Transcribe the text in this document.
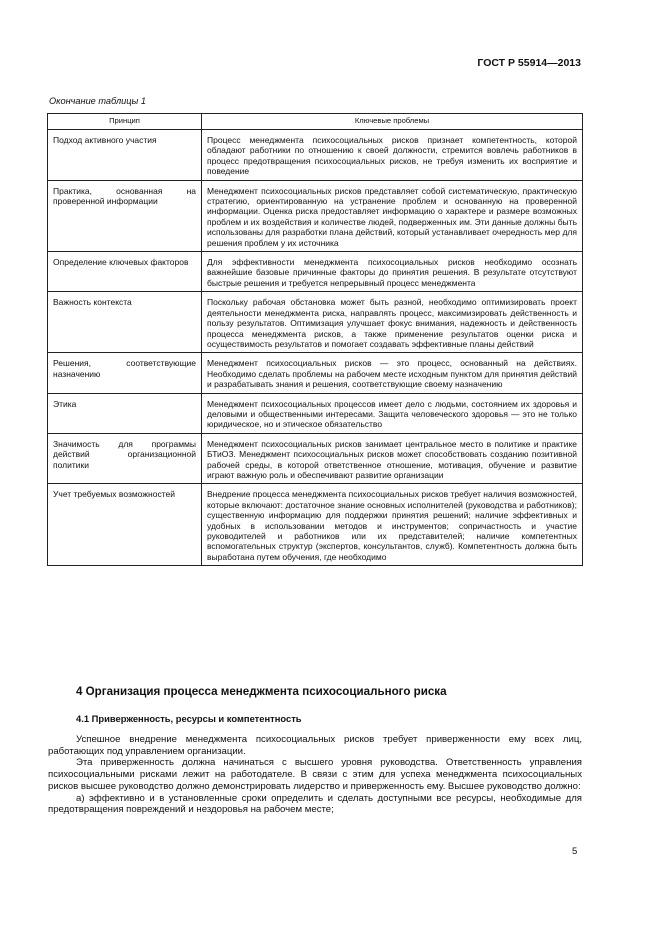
ГОСТ Р 55914—2013
Окончание таблицы 1
Принцип	Ключевые проблемы
Подход активного участия	Процесс менеджмента психосоциальных рисков признает компетентность, которой обладают работники по отношению к своей должности, стремится вовлечь работников в процесс предотвращения психосоциальных рисков, не требуя изменить их восприятие и поведение
Практика, основанная на проверенной информации	Менеджмент психосоциальных рисков представляет собой систематическую, практическую стратегию, ориентированную на устранение проблем и основанную на проверенной информации. Оценка риска предоставляет информацию о характере и размере возможных проблем и их воздействия и количестве людей, подверженных им. Эти данные должны быть использованы для разработки плана действий, который устанавливает очередность мер для решения проблем у их источника
Определение ключевых факторов	Для эффективности менеджмента психосоциальных рисков необходимо осознать важнейшие базовые причинные факторы до принятия решения. В результате отсутствуют быстрые решения и требуется непрерывный процесс менеджмента
Важность контекста	Поскольку рабочая обстановка может быть разной, необходимо оптимизировать проект деятельности менеджмента риска, направлять процесс, максимизировать действенность и пользу результатов. Оптимизация улучшает фокус внимания, надежность и действенность процесса менеджмента рисков, а также применение результатов оценки риска и осуществимость результатов и помогает создавать эффективные планы действий
Решения, соответствующие назначению	Менеджмент психосоциальных рисков — это процесс, основанный на действиях. Необходимо сделать проблемы на рабочем месте исходным пунктом для принятия действий и разрабатывать знания и решения, соответствующие своему назначению
Этика	Менеджмент психосоциальных процессов имеет дело с людьми, состоянием их здоровья и деловыми и общественными интересами. Защита человеческого здоровья — это не только юридическое, но и этическое обязательство
Значимость для программы действий организационной политики	Менеджмент психосоциальных рисков занимает центральное место в политике и практике БТиОЗ. Менеджмент психосоциальных рисков может способствовать созданию позитивной рабочей среды, в которой ответственное отношение, мотивация, обучение и развитие играют важную роль и обеспечивают развитие организации
Учет требуемых возможностей	Внедрение процесса менеджмента психосоциальных рисков требует наличия возможностей, которые включают: достаточное знание основных исполнителей (руководства и работников); существенную информацию для поддержки принятия решений; наличие эффективных и удобных в использовании методов и инструментов; сопричастность и участие руководителей и работников или их представителей; наличие компетентных вспомогательных структур (экспертов, консультантов, служб). Компетентность должна быть выработана путем обучения, где необходимо
4 Организация процесса менеджмента психосоциального риска
4.1 Приверженность, ресурсы и компетентность

Успешное внедрение менеджмента психосоциальных рисков требует приверженности ему всех лиц, работающих под управлением организации.

Эта приверженность должна начинаться с высшего уровня руководства. Ответственность управления психосоциальными рисками лежит на работодателе. В связи с этим для успеха менеджмента психосоциальных рисков высшее руководство должно демонстрировать лидерство и приверженность ему. Высшее руководство должно:

а) эффективно и в установленные сроки определить и сделать доступными все ресурсы, необходимые для предотвращения повреждений и нездоровья на рабочем месте;

5
